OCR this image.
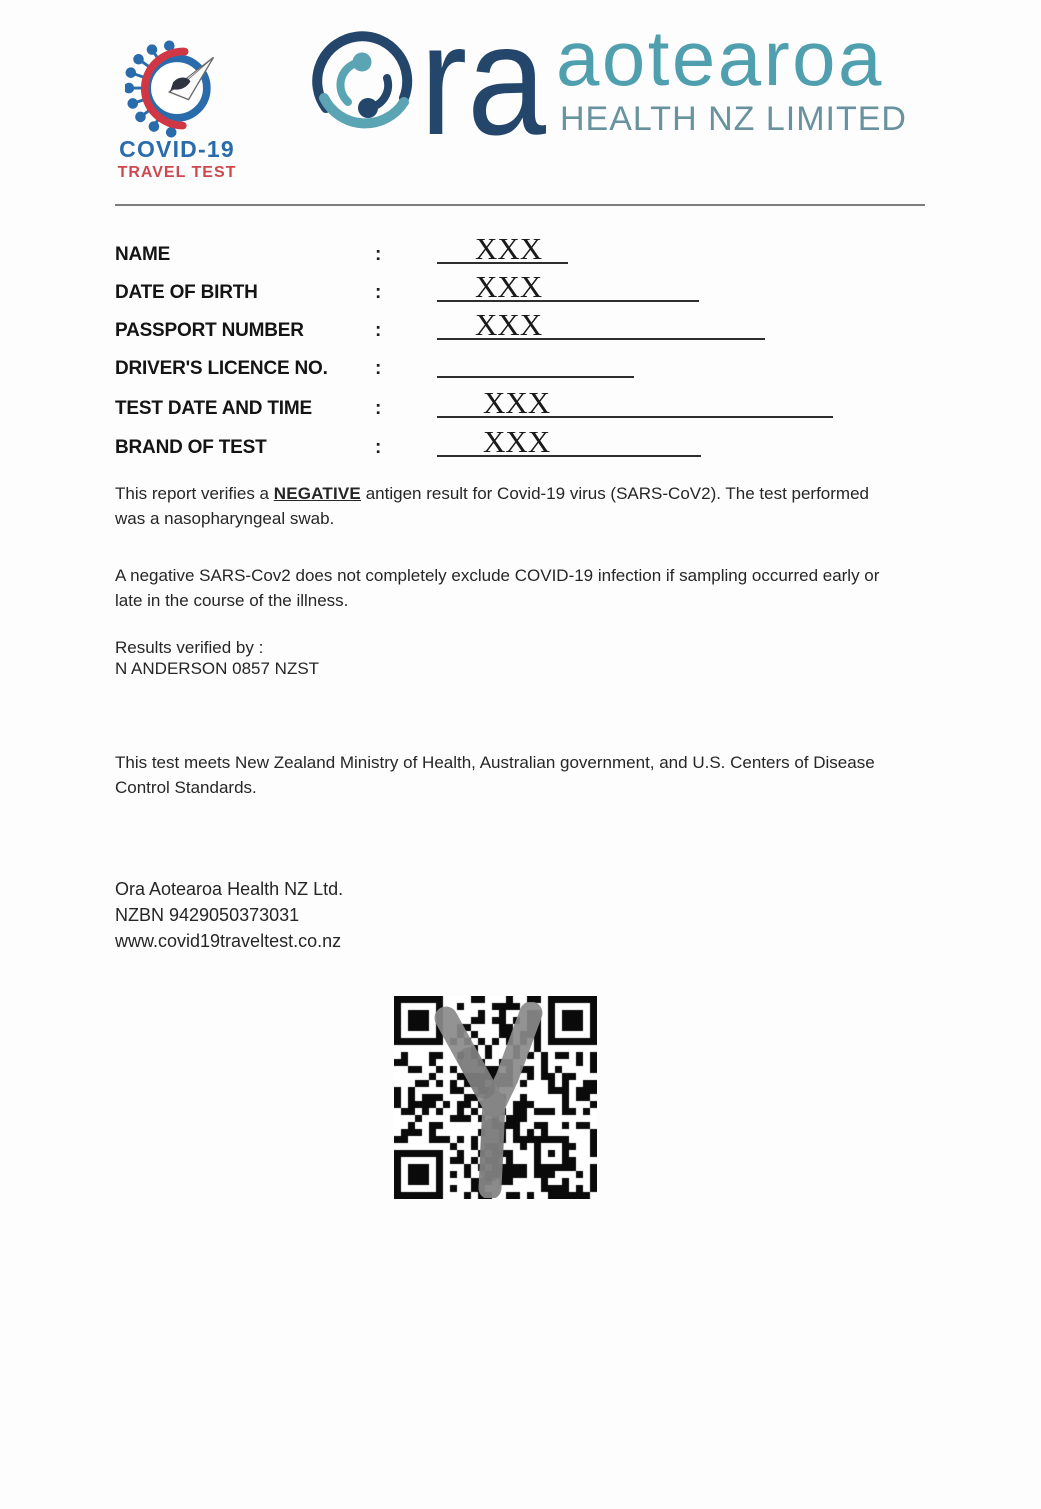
COVID-19
TRAVEL TEST
ra aotearoa
HEALTH NZ LIMITED
NAME	:	XXX
DATE OF BIRTH	:	XXX
PASSPORT NUMBER	:	XXX
DRIVER'S LICENCE NO. :
TEST DATE AND TIME	:	XXX
BRAND OF TEST	:	XXX
This report verifies a NEGATIVE antigen result for Covid-19 virus (SARS-CoV2). The test performed
was a nasopharyngeal swab.
A negative SARS-Cov2 does not completely exclude COVID-19 infection if sampling occurred early or
late in the course of the illness.
Results verified by :
N ANDERSON 0857 NZST
This test meets New Zealand Ministry of Health, Australian government, and U.S. Centers of Disease
Control Standards.
Ora Aotearoa Health NZ Ltd.
NZBN 9429050373031
www.covid19traveltest.co.nz
